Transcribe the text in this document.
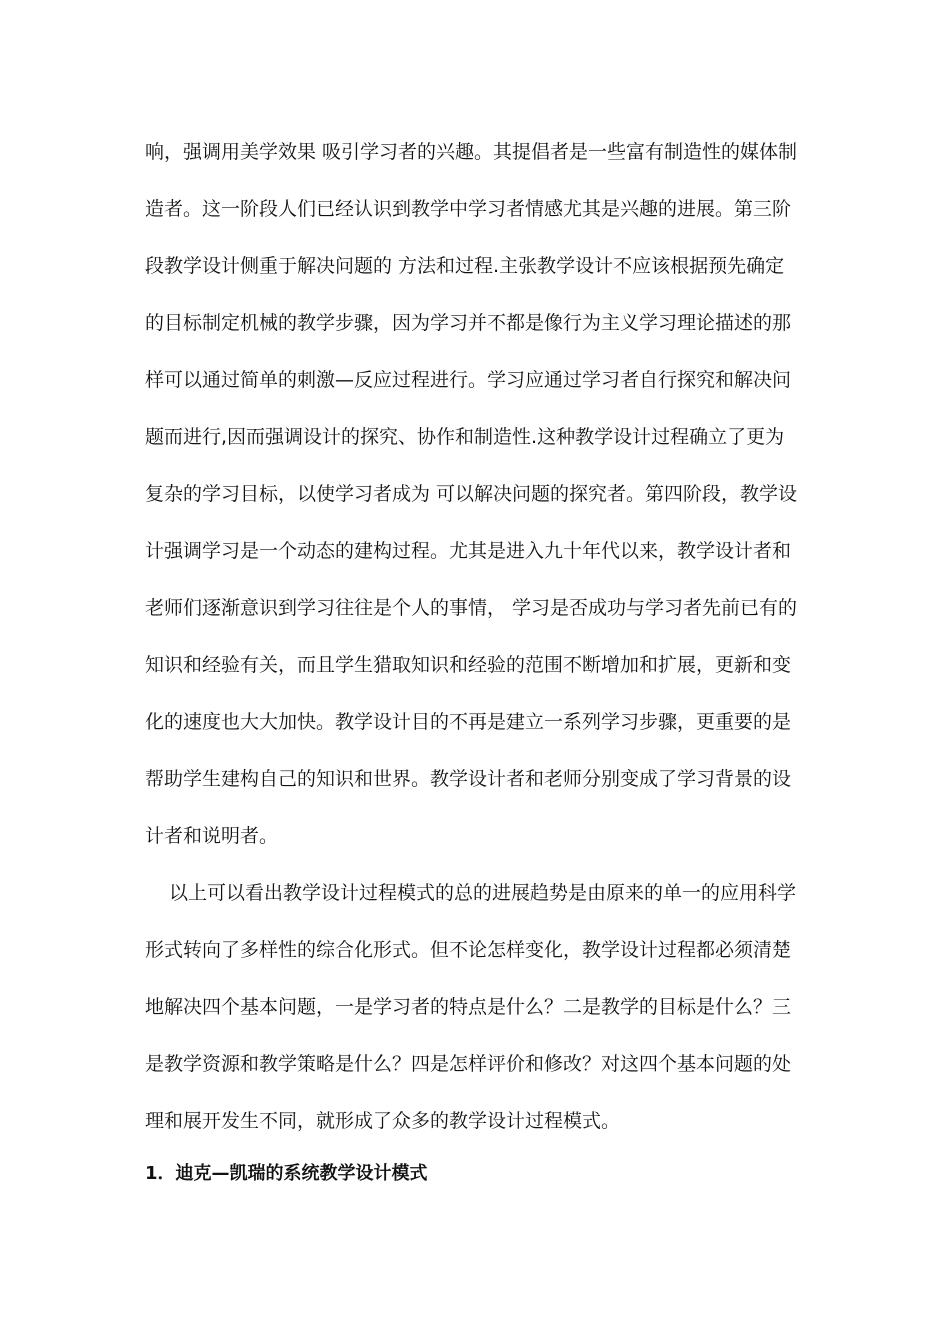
响，强调用美学效果 吸引学习者的兴趣。其提倡者是一些富有制造性的媒体制
造者。这一阶段人们已经认识到教学中学习者情感尤其是兴趣的进展。第三阶
段教学设计侧重于解决问题的 方法和过程.主张教学设计不应该根据预先确定
的目标制定机械的教学步骤，因为学习并不都是像行为主义学习理论描述的那
样可以通过简单的刺激—反应过程进行。学习应通过学习者自行探究和解决问
题而进行,因而强调设计的探究、协作和制造性.这种教学设计过程确立了更为
复杂的学习目标，以使学习者成为 可以解决问题的探究者。第四阶段，教学设
计强调学习是一个动态的建构过程。尤其是进入九十年代以来，教学设计者和
老师们逐渐意识到学习往往是个人的事情， 学习是否成功与学习者先前已有的
知识和经验有关，而且学生猎取知识和经验的范围不断增加和扩展，更新和变
化的速度也大大加快。教学设计目的不再是建立一系列学习步骤，更重要的是
帮助学生建构自己的知识和世界。教学设计者和老师分别变成了学习背景的设
计者和说明者。
以上可以看出教学设计过程模式的总的进展趋势是由原来的单一的应用科学
形式转向了多样性的综合化形式。但不论怎样变化，教学设计过程都必须清楚
地解决四个基本问题，一是学习者的特点是什么？二是教学的目标是什么？三
是教学资源和教学策略是什么？四是怎样评价和修改？对这四个基本问题的处
理和展开发生不同，就形成了众多的教学设计过程模式。
1．迪克—凯瑞的系统教学设计模式
